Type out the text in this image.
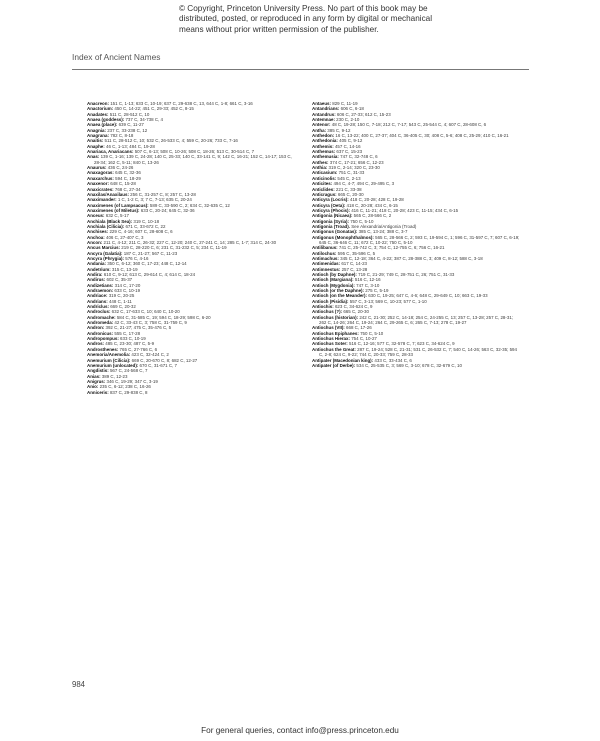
© Copyright, Princeton University Press. No part of this book may be distributed, posted, or reproduced in any form by digital or mechanical means without prior written permission of the publisher.
Index of Ancient Names

Anacreon: 151 C, 1-13; 633 C, 10-19; 637 C, 29-638 C, 13, 644 C, 1-8; 661 C, 3-16

Anactorium: 450 C, 14-22; 451 C, 29-33; 452 C, 8-15

Anadates: 511 C, 28-512 C, 10

Anaea (goddess): 737 C, 34-738 C, 4

Anaea (place): 639 C, 11-27

Anagnia: 237 C, 33-238 C, 12

Anagrana: 782 C, 8-18

Anaitis: 511 C, 28-512 C, 10; 532 C, 26-533 C, 4; 559 C, 20-26; 733 C, 7-16

Anaphe: 46 C, 1-13; 484 C, 19-28

Anariaca, Anariacans: 507 C, 6-13; 508 C, 10-26; 508 C, 18-26; 513 C, 30-514 C, 7

Anas: 139 C, 1-16; 139 C, 24-28; 140 C, 25-33; 140 C, 33-141 C, 9; 142 C, 16-21; 152 C, 14-17; 153 C, 28-34; 162 C, 5-11; 840 C, 13-26

Anaurus: 436 C, 24-26

Anaxagoras: 645 C, 32-36

Anaxarchus: 594 C, 18-29

Anaxenor: 648 C, 15-28

Anaxicrates: 768 C, 27-34

Anaxilas/Anaxilaus: 256 C, 31-257 C, 8; 257 C, 13-28

Anaximander: 1 C, 1-2 C, 3; 7 C, 7-13; 635 C, 20-24

Anaximenes (of Lampsacus): 589 C, 33-590 C, 2; 634 C, 32-635 C, 12

Anaximenes (of Miletus): 633 C, 20-24; 645 C, 32-36

Anceus: 632 C, 5-17

Anchiala (Black Sea): 319 C, 10-18

Anchiala (Cilicia): 671 C, 33-672 C, 22

Anchises: 229 C, 4-16; 607 C, 28-608 C, 6

Anchoa: 406 C, 27-407 C, 3

Ancon: 211 C, 4-12; 211 C, 26-32; 227 C, 12-20; 240 C, 27-241 C, 14; 285 C, 1-7; 314 C, 24-30

Ancus Marcius: 219 C, 28-220 C, 6; 231 C, 31-232 C, 5; 234 C, 11-19

Ancyra (Galatia): 187 C, 21-27; 567 C, 11-23

Ancyra (Phrygia): 576 C, 4-16

Andania: 350 C, 6-12; 360 C, 17-23; 448 C, 12-14

Andetrium: 315 C, 13-19

Andira: 610 C, 9-12; 613 C, 29-614 C, 4; 614 C, 18-24

Andirus: 602 C, 35-37

Andizetians: 314 C, 17-20

Andraemon: 633 C, 10-19

Andriace: 319 C, 20-25

Andrians: 448 C, 1-11

Andriclus: 669 C, 20-32

Androclus: 632 C, 17-633 C, 10; 640 C, 10-20

Andromache: 584 C, 31-585 C, 19; 594 C, 18-29; 598 C, 6-20

Andromeda: 42 C, 33-43 C, 3; 758 C, 31-759 C, 9

Andron: 392 C, 21-27; 475 C, 35-476 C, 5

Andronicus: 555 C, 17-28

Andropompus: 633 C, 10-19

Andros: 485 C, 23-30; 487 C, 5-9

Androsthenes: 765 C, 27-766 C, 6

Anemoria/Anemolia: 423 C, 32-424 C, 2

Anemurium (Cilicia): 669 C, 20-670 C, 8; 682 C, 12-27

Anemurium (unlocated): 670 C, 31-671 C, 7

Angdistis: 567 C, 24-568 C, 7

Anias: 389 C, 12-23

Anigrus: 346 C, 19-29; 347 C, 3-19

Anio: 235 C, 6-12; 238 C, 16-26

Anniceris: 837 C, 29-838 C, 8

Antaeus: 829 C, 11-19

Antandrians: 606 C, 6-18

Antandrus: 606 C, 27-33; 612 C, 15-23

Antemnae: 230 C, 2-10

Antenor: 48 C, 19-28; 150 C, 7-18; 212 C, 7-17; 543 C, 25-544 C, 4; 607 C, 28-608 C, 6

Antha: 385 C, 9-12

Anthedon: 16 C, 13-22; 400 C, 27-37; 404 C, 36-405 C, 30; 408 C, 5-6; 408 C, 25-29; 410 C, 16-21

Anthedonia: 405 C, 9-12

Anthemis: 457 C, 14-16

Anthemus: 637 C, 15-23

Anthemusia: 747 C, 32-748 C, 6

Anthes: 374 C, 17-21; 656 C, 12-23

Anthia: 319 C, 2-14; 320 C, 23-30

Anticasium: 751 C, 31-33

Anticinolis: 545 C, 2-13

Anticites: 494 C, 4-7; 494 C, 29-495 C, 3

Anticlides: 221 C, 33-38

Anticragus: 665 C, 20-30

Anticyra (Locris): 418 C, 20-28; 428 C, 19-28

Anticyra (Oeta): 418 C, 20-28; 434 C, 6-15

Anticyra (Phocis): 416 C, 11-21; 418 C, 20-28; 423 C, 11-15; 434 C, 6-15

Antigonia (Nicaea): 565 C, 28-566 C, 2

Antigonia (Syria): 750 C, 5-10

Antigonia (Troad). See Alexandria/Antigonia (Troad)

Antigonus (Gonatas): 385 C, 13-24; 388 C, 3-7

Antigonus (Monophthalmos): 565 C, 28-566 C, 2; 593 C, 19-594 C, 1; 596 C, 31-597 C, 7; 607 C, 6-19; 645 C, 36-646 C, 11; 672 C, 10-22; 750 C, 5-10

Antilibanus: 741 C, 25-742 C, 3; 754 C, 12-755 C, 6; 756 C, 16-21

Antilochus: 595 C, 35-596 C, 5

Antimachus: 345 C, 12-18; 364 C, 4-22; 387 C, 28-388 C, 3; 409 C, 8-12; 588 C, 3-18

Antimenidas: 617 C, 14-23

Antimnestus: 257 C, 13-28

Antioch (by Daphne): 719 C, 21-29; 749 C, 28-751 C, 26; 751 C, 31-33

Antioch (Margiana): 516 C, 12-16

Antioch (Mygdonia): 747 C, 3-10

Antioch (or the Daphne): 275 C, 5-19

Antioch (on the Meander): 630 C, 19-25; 647 C, 4-6; 648 C, 29-649 C, 10; 663 C, 19-33

Antioch (Pisidia): 557 C, 3-13; 569 C, 10-23; 577 C, 1-10

Antiochis: 623 C, 34-624 C, 9

Antiochus (?): 665 C, 20-30

Antiochus (historian): 242 C, 21-30; 252 C, 14-18; 254 C, 24-255 C, 13; 257 C, 13-28; 257 C, 28-31; 262 C, 14-26; 264 C, 19-24; 264 C, 29-265 C, 6; 265 C, 7-13; 278 C, 19-27

Antiochus (VII): 668 C, 17-26

Antiochus Epiphanes: 750 C, 5-10

Antiochus Hierax: 754 C, 10-27

Antiochus Soter: 516 C, 12-16; 577 C, 32-578 C, 7; 623 C, 34-624 C, 9

Antiochus the Great: 287 C, 19-24; 528 C, 21-31; 531 C, 26-532 C, 7; 540 C, 14-26; 563 C, 32-35; 594 C, 2-8; 624 C, 9-22; 744 C, 20-33; 759 C, 28-33

Antipater (Macedonian king): 433 C, 33-434 C, 6

Antipater (of Derbe): 534 C, 25-535 C, 3; 569 C, 3-10; 678 C, 32-679 C, 10

984
For general queries, contact info@press.princeton.edu
